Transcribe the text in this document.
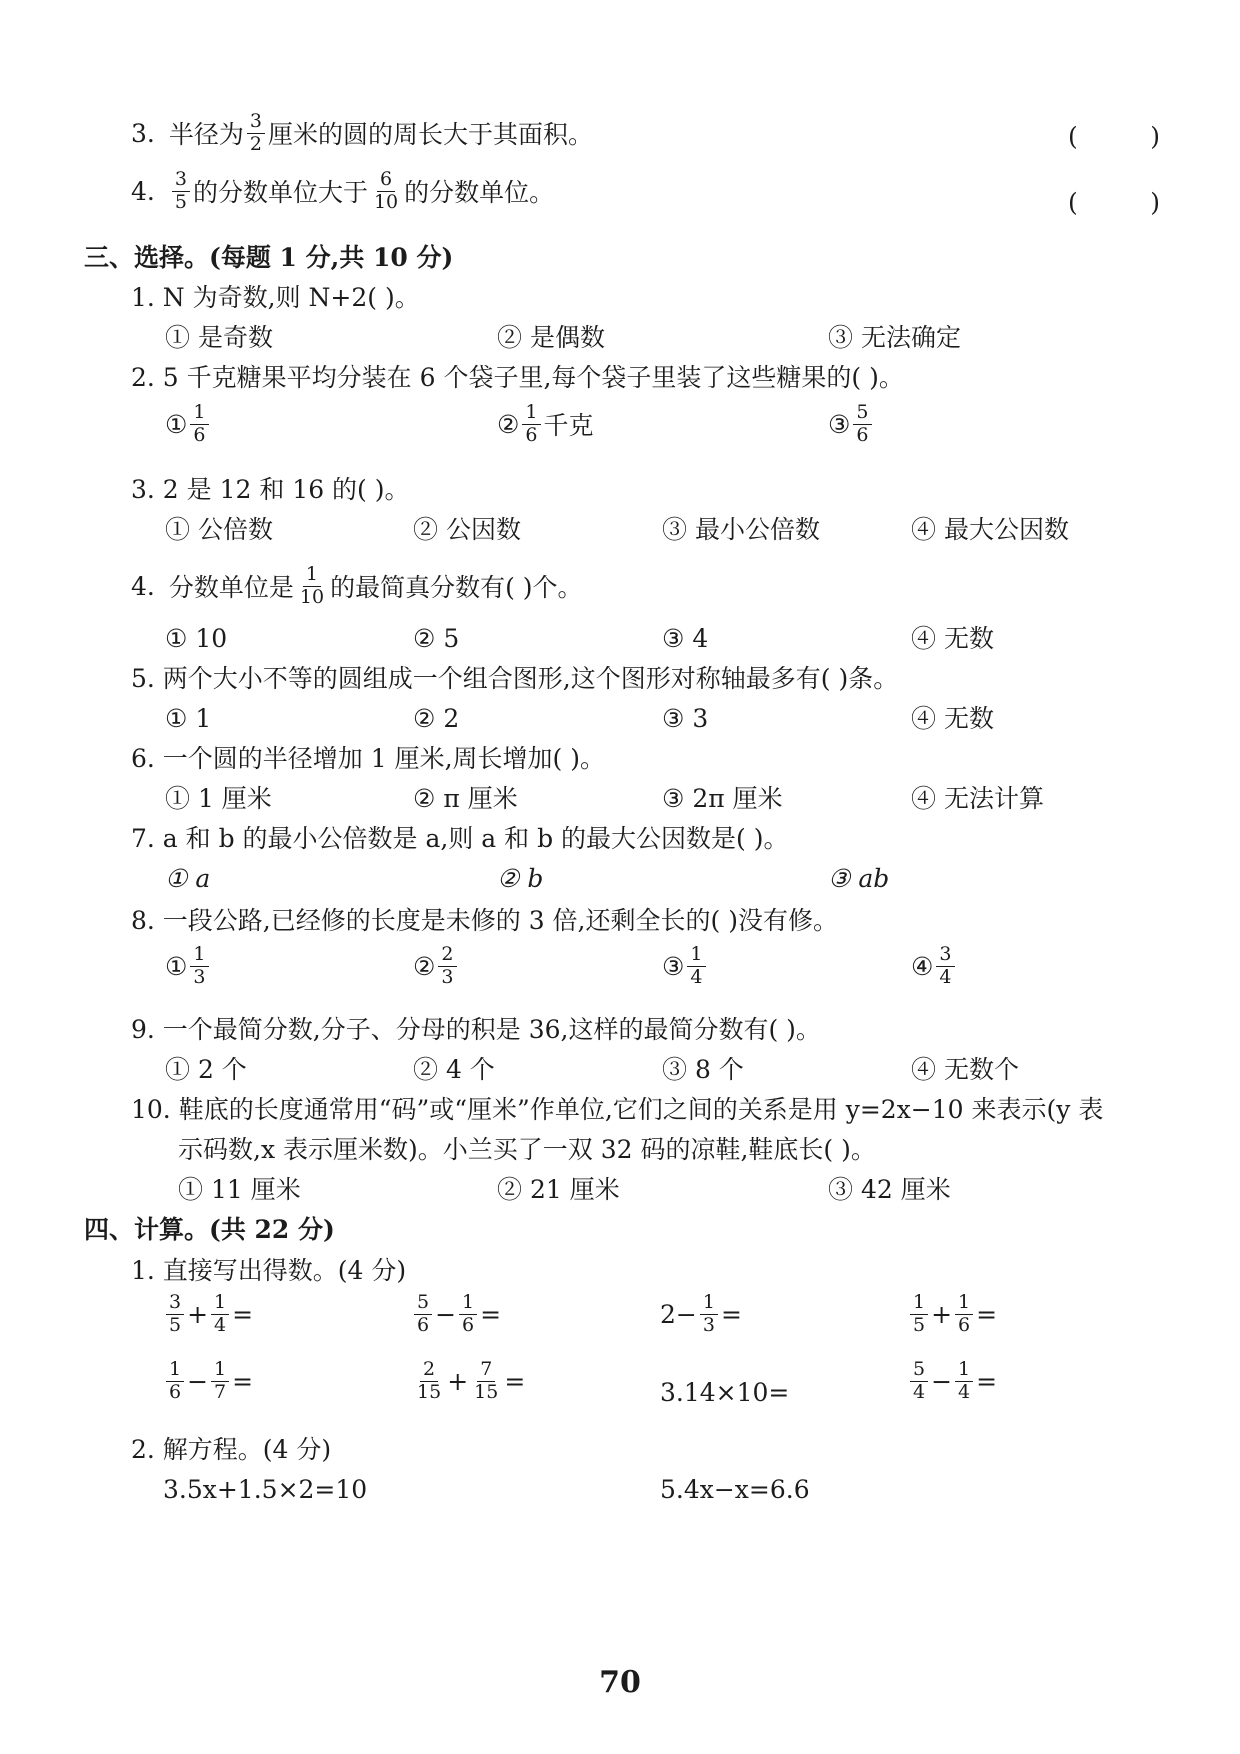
3. 半径为 $\frac{3}{2}$ 厘米的圆的周长大于其面积。	(	)
4. $\frac{3}{5}$ 的分数单位大于 $\frac{6}{10}$ 的分数单位。	(	)
三、选择。(每题 1 分,共 10 分)
1. N 为奇数,则 N+2( )。
① 是奇数	② 是偶数	③ 无法确定
2. 5 千克糖果平均分装在 6 个袋子里,每个袋子里装了这些糖果的( )。
① $\frac{1}{6}$	② $\frac{1}{6}$ 千克	③ $\frac{5}{6}$
3. 2 是 12 和 16 的( )。
① 公倍数	② 公因数	③ 最小公倍数	④ 最大公因数
4. 分数单位是 $\frac{1}{10}$ 的最简真分数有( )个。
① 10	② 5	③ 4	④ 无数
5. 两个大小不等的圆组成一个组合图形,这个图形对称轴最多有( )条。
① 1	② 2	③ 3	④ 无数
6. 一个圆的半径增加 1 厘米,周长增加( )。
① 1 厘米	② π 厘米	③ 2π 厘米	④ 无法计算
7. a 和 b 的最小公倍数是 a,则 a 和 b 的最大公因数是( )。
① a	② b	③ ab
8. 一段公路,已经修的长度是未修的 3 倍,还剩全长的( )没有修。
① $\frac{1}{3}$	② $\frac{2}{3}$	③ $\frac{1}{4}$	④ $\frac{3}{4}$
9. 一个最简分数,分子、分母的积是 36,这样的最简分数有( )。
① 2 个	② 4 个	③ 8 个	④ 无数个
10. 鞋底的长度通常用“码”或“厘米”作单位,它们之间的关系是用 y=2x−10 来表示(y 表
示码数,x 表示厘米数)。小兰买了一双 32 码的凉鞋,鞋底长( )。
① 11 厘米	② 21 厘米	③ 42 厘米
四、计算。(共 22 分)
1. 直接写出得数。(4 分)
$\frac{3}{5} + \frac{1}{4}$ =	$\frac{5}{6} - \frac{1}{6}$ =	$2- \frac{1}{3}$ =	$\frac{1}{5} + \frac{1}{6}$ =
$\frac{1}{6} - \frac{1}{7}$ =	$\frac{2}{15} + \frac{7}{15}$ =	3.14×10=	$\frac{5}{4} - \frac{1}{4}$ =
2. 解方程。(4 分)
3.5x+1.5×2=10	5.4x−x=6.6
70
